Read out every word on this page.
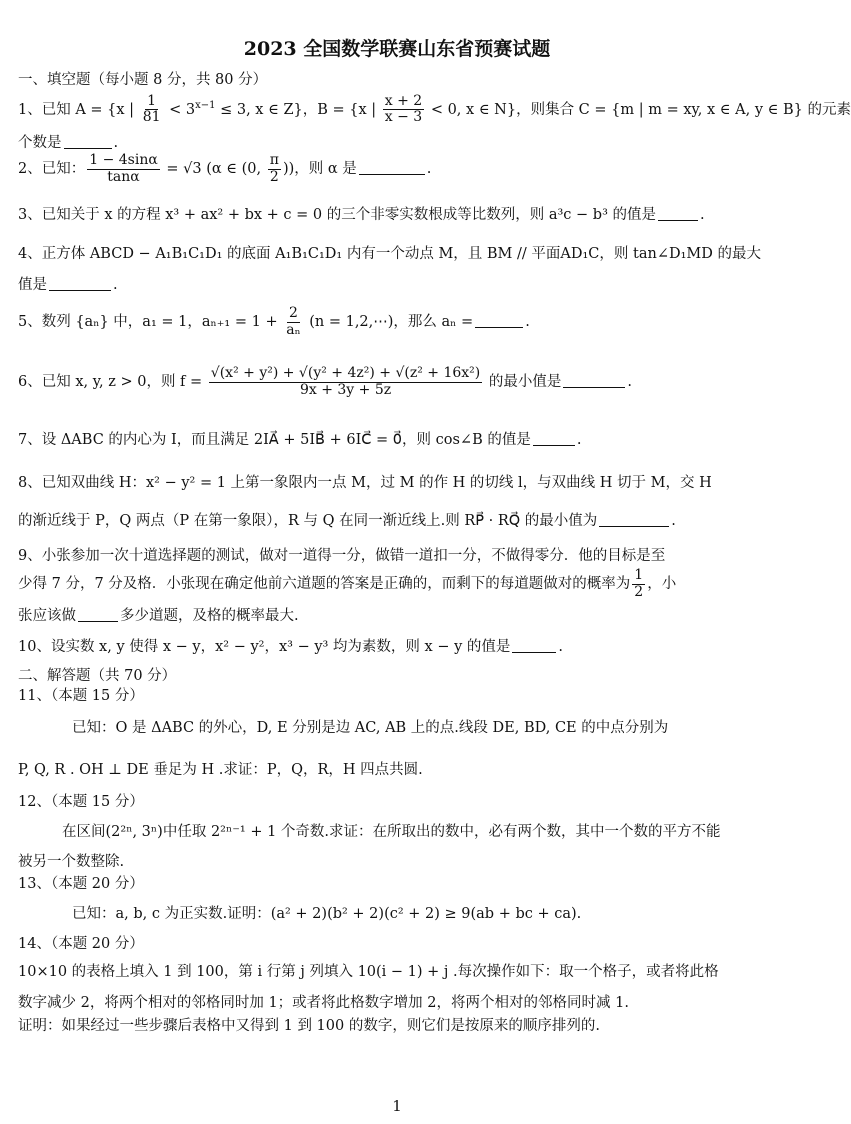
2023 全国数学联赛山东省预赛试题
一、填空题（每小题 8 分，共 80 分）
1、已知 A = {x | $\frac{1}{81} < 3^{x-1} \le 3$, x ∈ Z}，B = {x | $\frac{x + 2}{x - 3} < 0$, x ∈ N}，则集合 C = {m | m = xy, x ∈ A, y ∈ B} 的元素
个数是	.
2、已知： $\frac{1 - 4\sin\alpha}{\tan\alpha} = √3$ (α ∈ (0, $\frac{\pi}{2}$ ))，则 α 是	.
3、已知关于 x 的方程 x³ + ax² + bx + c = 0 的三个非零实数根成等比数列，则 a³c − b³ 的值是	.
4、正方体 ABCD − A₁B₁C₁D₁ 的底面 A₁B₁C₁D₁ 内有一个动点 M，且 BM // 平面AD₁C，则 tan∠D₁MD 的最大
值是	.
5、数列 {aₙ} 中，a₁ = 1，$a_{n+1} = 1 + \frac{2}{\text{aₙ}} (n$ = 1,2,⋯)，那么 aₙ =	.
6、已知 x, y, z > 0，则 $f = \frac{\text{√(x² + y²) + √(y² + 4z²) + √(z² + 16x²)}}{9x + 3y + 5z}$ 的最小值是	.
7、设 ΔABC 的内心为 I，而且满足 2IA⃗ + 5IB⃗ + 6IC⃗ = 0⃗，则 cos∠B 的值是	.
8、已知双曲线 H：x² − y² = 1 上第一象限内一点 M，过 M 的作 H 的切线 l，与双曲线 H 切于 M，交 H
的渐近线于 P，Q 两点（P 在第一象限），R 与 Q 在同一渐近线上.则 RP⃗ · RQ⃗ 的最小值为	.
9、小张参加一次十道选择题的测试，做对一道得一分，做错一道扣一分，不做得零分．他的目标是至
少得 7 分，7 分及格．小张现在确定他前六道题的答案是正确的，而剩下的每道题做对的概率为 $\frac{1}{2}$ ，小
张应该做	多少道题，及格的概率最大.
10、设实数 x, y 使得 x − y，x² − y²，x³ − y³ 均为素数，则 x − y 的值是	.
二、解答题（共 70 分）
11、（本题 15 分）
已知：O 是 ΔABC 的外心，D, E 分别是边 AC, AB 上的点.线段 DE, BD, CE 的中点分别为
P, Q, R . OH ⊥ DE 垂足为 H .求证：P，Q，R，H 四点共圆.
12、（本题 15 分）
在区间(2²ⁿ, 3ⁿ)中任取 2²ⁿ⁻¹ + 1 个奇数.求证：在所取出的数中，必有两个数，其中一个数的平方不能
被另一个数整除.
13、（本题 20 分）
已知：a, b, c 为正实数.证明：(a² + 2)(b² + 2)(c² + 2) ≥ 9(ab + bc + ca).
14、（本题 20 分）
10×10 的表格上填入 1 到 100，第 i 行第 j 列填入 10(i − 1) + j .每次操作如下：取一个格子，或者将此格
数字减少 2，将两个相对的邻格同时加 1；或者将此格数字增加 2，将两个相对的邻格同时减 1.
证明：如果经过一些步骤后表格中又得到 1 到 100 的数字，则它们是按原来的顺序排列的.
1
